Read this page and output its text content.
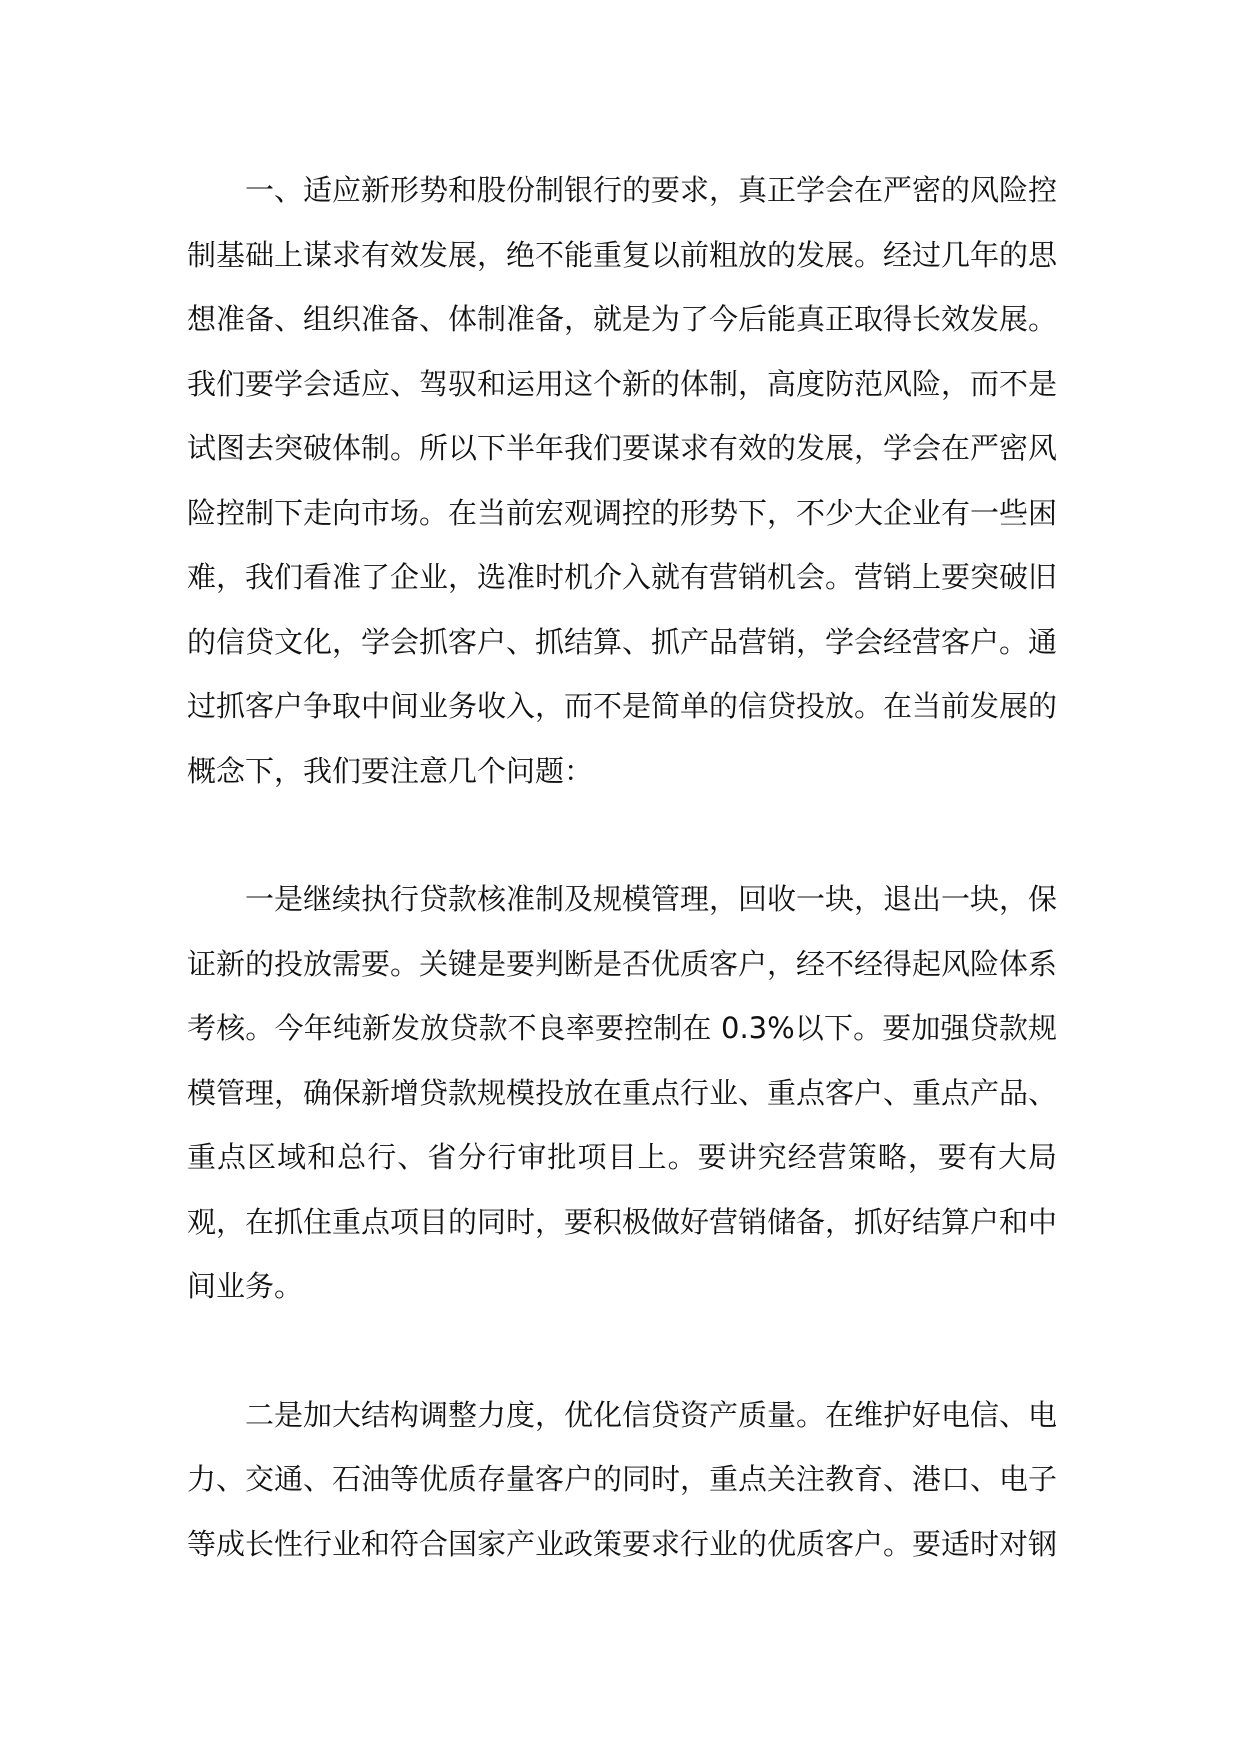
一、适应新形势和股份制银行的要求，真正学会在严密的风险控制基础上谋求有效发展，绝不能重复以前粗放的发展。经过几年的思想准备、组织准备、体制准备，就是为了今后能真正取得长效发展。我们要学会适应、驾驭和运用这个新的体制，高度防范风险，而不是试图去突破体制。所以下半年我们要谋求有效的发展，学会在严密风险控制下走向市场。在当前宏观调控的形势下，不少大企业有一些困难，我们看准了企业，选准时机介入就有营销机会。营销上要突破旧的信贷文化，学会抓客户、抓结算、抓产品营销，学会经营客户。通过抓客户争取中间业务收入，而不是简单的信贷投放。在当前发展的概念下，我们要注意几个问题：

一是继续执行贷款核准制及规模管理，回收一块，退出一块，保证新的投放需要。关键是要判断是否优质客户，经不经得起风险体系考核。今年纯新发放贷款不良率要控制在 0.3%以下。要加强贷款规模管理，确保新增贷款规模投放在重点行业、重点客户、重点产品、重点区域和总行、省分行审批项目上。要讲究经营策略，要有大局观，在抓住重点项目的同时，要积极做好营销储备，抓好结算户和中间业务。

二是加大结构调整力度，优化信贷资产质量。在维护好电信、电力、交通、石油等优质存量客户的同时，重点关注教育、港口、电子等成长性行业和符合国家产业政策要求行业的优质客户。要适时对钢
